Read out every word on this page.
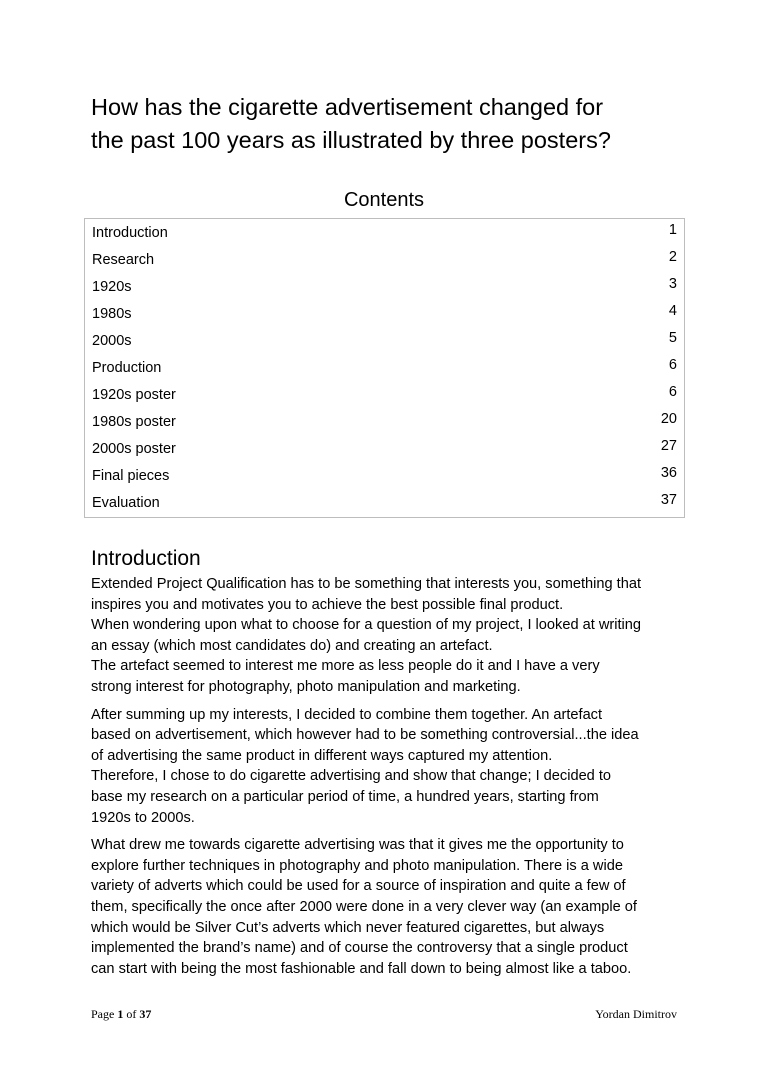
How has the cigarette advertisement changed for
the past 100 years as illustrated by three posters?
Contents
Introduction	1
Research	2
1920s	3
1980s	4
2000s	5
Production	6
1920s poster	6
1980s poster	20
2000s poster	27
Final pieces	36
Evaluation	37
Introduction

Extended Project Qualification has to be something that interests you, something that
inspires you and motivates you to achieve the best possible final product.
When wondering upon what to choose for a question of my project, I looked at writing
an essay (which most candidates do) and creating an artefact.
The artefact seemed to interest me more as less people do it and I have a very
strong interest for photography, photo manipulation and marketing.

After summing up my interests, I decided to combine them together. An artefact
based on advertisement, which however had to be something controversial...the idea
of advertising the same product in different ways captured my attention.
Therefore, I chose to do cigarette advertising and show that change; I decided to
base my research on a particular period of time, a hundred years, starting from
1920s to 2000s.

What drew me towards cigarette advertising was that it gives me the opportunity to
explore further techniques in photography and photo manipulation. There is a wide
variety of adverts which could be used for a source of inspiration and quite a few of
them, specifically the once after 2000 were done in a very clever way (an example of
which would be Silver Cut’s adverts which never featured cigarettes, but always
implemented the brand’s name) and of course the controversy that a single product
can start with being the most fashionable and fall down to being almost like a taboo.

Page 1 of 37	Yordan Dimitrov
